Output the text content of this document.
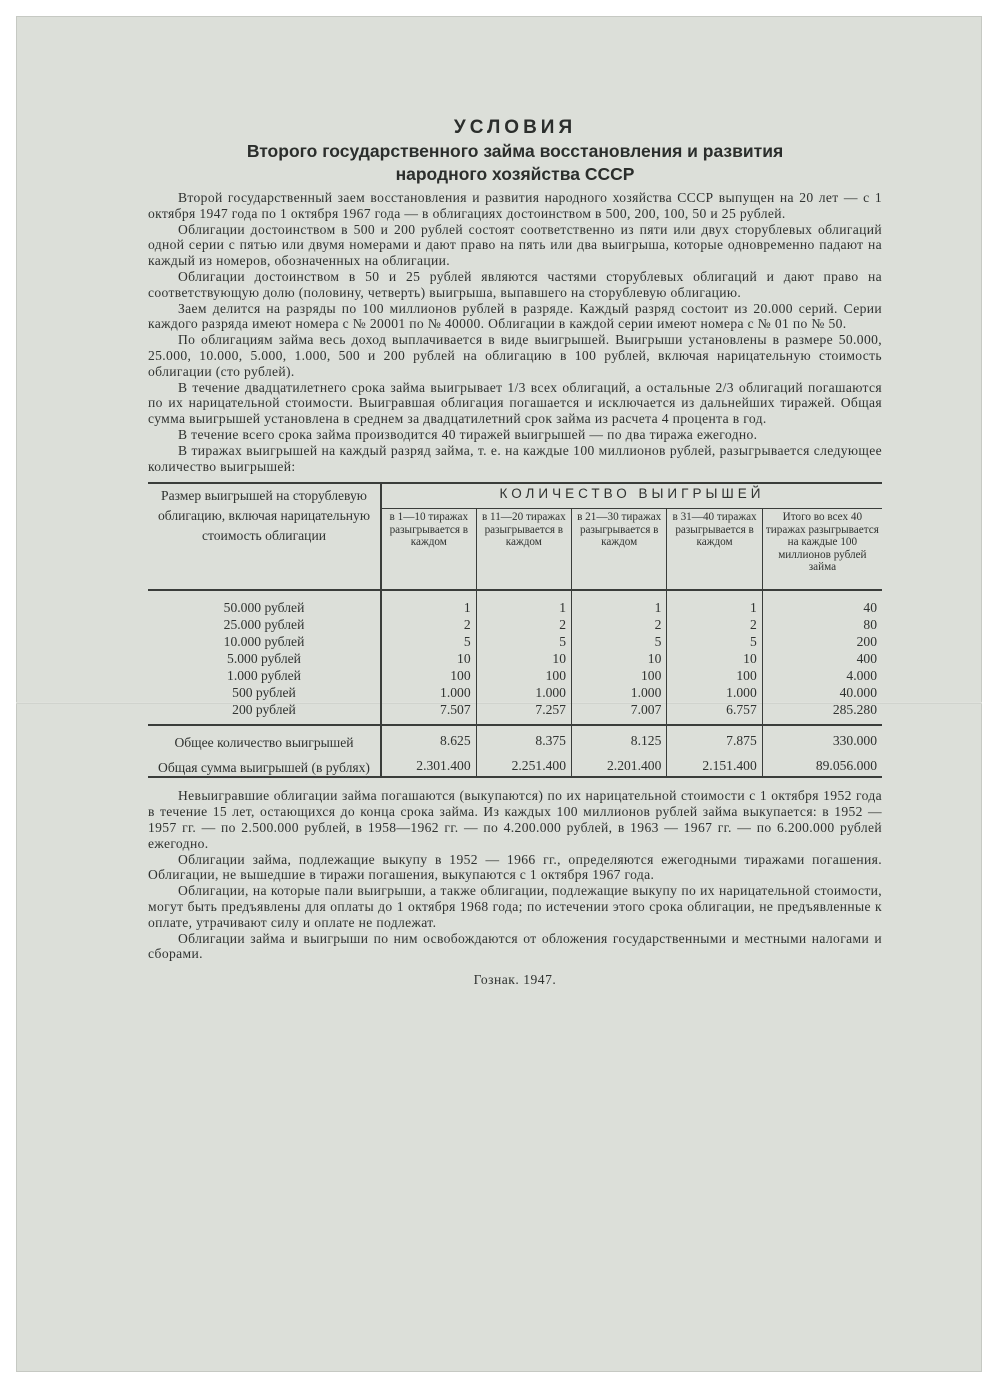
УСЛОВИЯ
Второго государственного займа восстановления и развития
народного хозяйства СССР

Второй государственный заем восстановления и развития народного хозяйства СССР выпущен на 20 лет — с 1 октября 1947 года по 1 октября 1967 года — в облигациях достоинством в 500, 200, 100, 50 и 25 рублей.

Облигации достоинством в 500 и 200 рублей состоят соответственно из пяти или двух сторублевых облигаций одной серии с пятью или двумя номерами и дают право на пять или два выигрыша, которые одновременно падают на каждый из номеров, обозначенных на облигации.

Облигации достоинством в 50 и 25 рублей являются частями сторублевых облигаций и дают право на соответствующую долю (половину, четверть) выигрыша, выпавшего на сторублевую облигацию.

Заем делится на разряды по 100 миллионов рублей в разряде. Каждый разряд состоит из 20.000 серий. Серии каждого разряда имеют номера с № 20001 по № 40000. Облигации в каждой серии имеют номера с № 01 по № 50.

По облигациям займа весь доход выплачивается в виде выигрышей. Выигрыши установлены в размере 50.000, 25.000, 10.000, 5.000, 1.000, 500 и 200 рублей на облигацию в 100 рублей, включая нарицательную стоимость облигации (сто рублей).

В течение двадцатилетнего срока займа выигрывает 1/3 всех облигаций, а остальные 2/3 облигаций погашаются по их нарицательной стоимости. Выигравшая облигация погашается и исключается из дальнейших тиражей. Общая сумма выигрышей установлена в среднем за двадцатилетний срок займа из расчета 4 процента в год.

В течение всего срока займа производится 40 тиражей выигрышей — по два тиража ежегодно.

В тиражах выигрышей на каждый разряд займа, т. е. на каждые 100 миллионов рублей, разыгрывается следующее количество выигрышей:

Размер выигрышей на сторублевую облигацию, включая нарицательную стоимость облигации	КОЛИЧЕСТВО ВЫИГРЫШЕЙ				
	в 1—10 тиражах разыгрывается в каждом	в 11—20 тиражах разыгрывается в каждом	в 21—30 тиражах разыгрывается в каждом	в 31—40 тиражах разыгрывается в каждом	Итого во всех 40 тиражах разыгрывается на каждые 100 миллионов рублей займа
50.000 рублей	1	1	1	1	40
25.000 рублей	2	2	2	2	80
10.000 рублей	5	5	5	5	200
5.000 рублей	10	10	10	10	400
1.000 рублей	100	100	100	100	4.000
500 рублей	1.000	1.000	1.000	1.000	40.000
200 рублей	7.507	7.257	7.007	6.757	285.280
Общее количество выигрышей	8.625	8.375	8.125	7.875	330.000
Общая сумма выигрышей (в рублях)	2.301.400	2.251.400	2.201.400	2.151.400	89.056.000

Невыигравшие облигации займа погашаются (выкупаются) по их нарицательной стоимости с 1 октября 1952 года в течение 15 лет, остающихся до конца срока займа. Из каждых 100 миллионов рублей займа выкупается: в 1952 — 1957 гг. — по 2.500.000 рублей, в 1958—1962 гг. — по 4.200.000 рублей, в 1963 — 1967 гг. — по 6.200.000 рублей ежегодно.

Облигации займа, подлежащие выкупу в 1952 — 1966 гг., определяются ежегодными тиражами погашения. Облигации, не вышедшие в тиражи погашения, выкупаются с 1 октября 1967 года.

Облигации, на которые пали выигрыши, а также облигации, подлежащие выкупу по их нарицательной стоимости, могут быть предъявлены для оплаты до 1 октября 1968 года; по истечении этого срока облигации, не предъявленные к оплате, утрачивают силу и оплате не подлежат.

Облигации займа и выигрыши по ним освобождаются от обложения государственными и местными налогами и сборами.

Гознак. 1947.
